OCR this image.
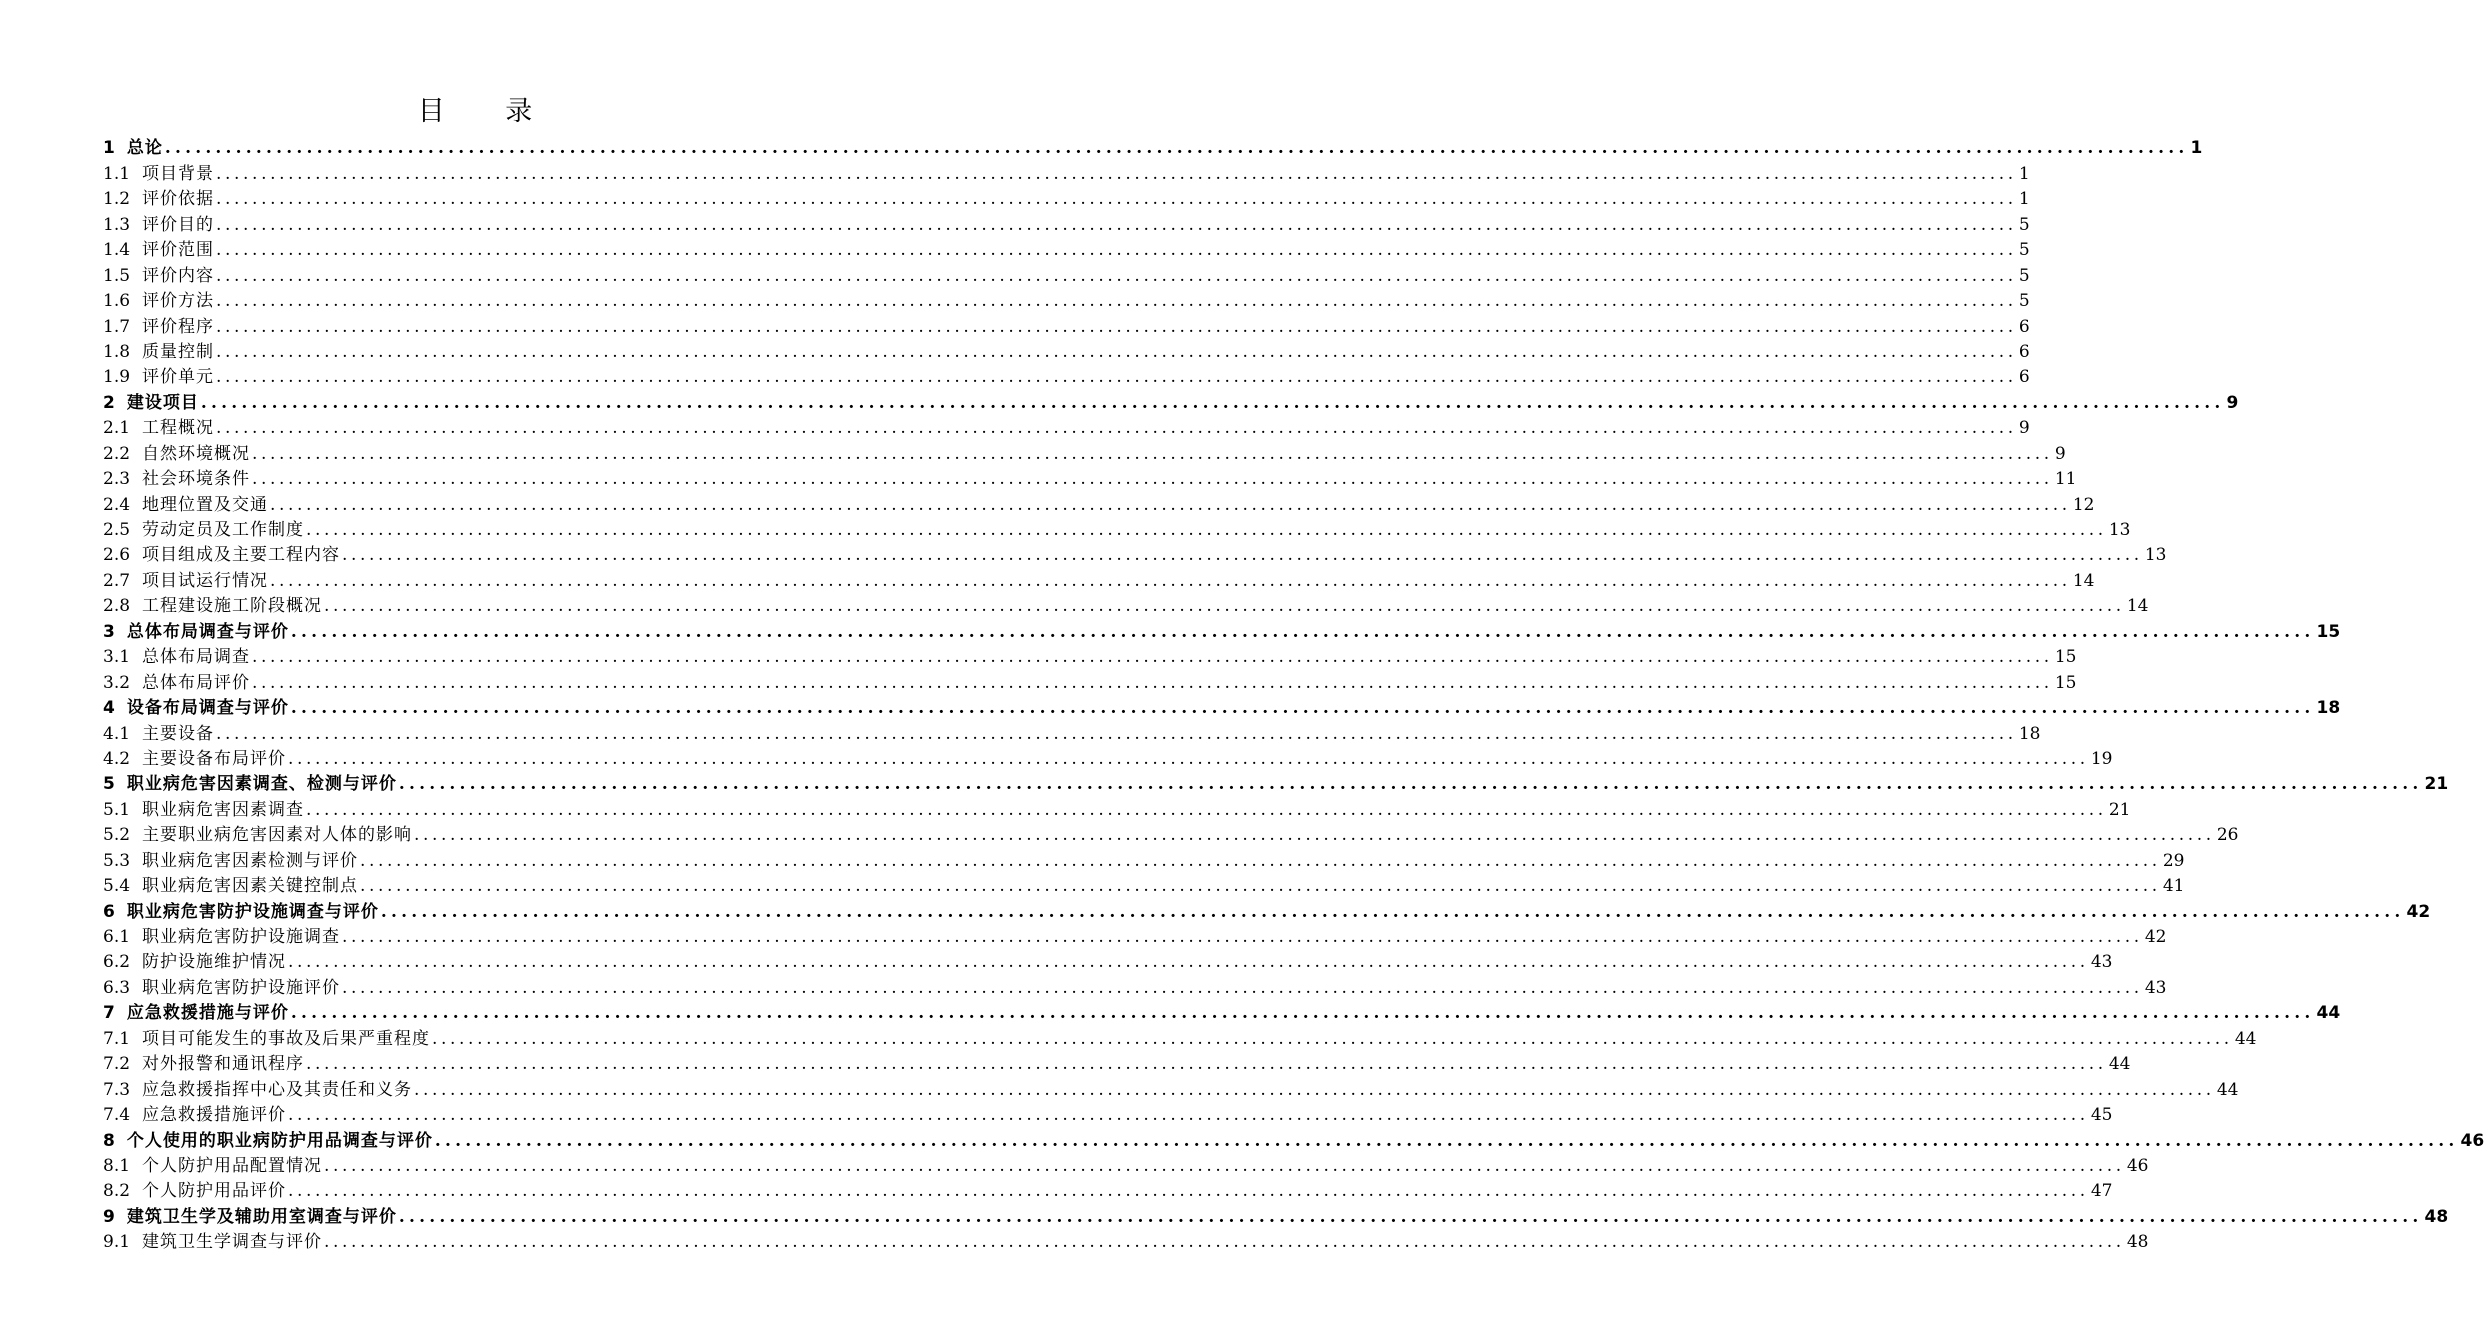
目 录
1 总论 ........................................................................................................................................................................................................ 1
1.1 项目背景 ........................................................................................................................................................................................................ 1
1.2 评价依据 ........................................................................................................................................................................................................ 1
1.3 评价目的 ........................................................................................................................................................................................................ 5
1.4 评价范围 ........................................................................................................................................................................................................ 5
1.5 评价内容 ........................................................................................................................................................................................................ 5
1.6 评价方法 ........................................................................................................................................................................................................ 5
1.7 评价程序 ........................................................................................................................................................................................................ 6
1.8 质量控制 ........................................................................................................................................................................................................ 6
1.9 评价单元 ........................................................................................................................................................................................................ 6
2 建设项目 ........................................................................................................................................................................................................ 9
2.1 工程概况 ........................................................................................................................................................................................................ 9
2.2 自然环境概况 ........................................................................................................................................................................................................ 9
2.3 社会环境条件 ........................................................................................................................................................................................................ 11
2.4 地理位置及交通 ........................................................................................................................................................................................................ 12
2.5 劳动定员及工作制度 ........................................................................................................................................................................................................ 13
2.6 项目组成及主要工程内容 ........................................................................................................................................................................................................ 13
2.7 项目试运行情况 ........................................................................................................................................................................................................ 14
2.8 工程建设施工阶段概况 ........................................................................................................................................................................................................ 14
3 总体布局调查与评价 ........................................................................................................................................................................................................ 15
3.1 总体布局调查 ........................................................................................................................................................................................................ 15
3.2 总体布局评价 ........................................................................................................................................................................................................ 15
4 设备布局调查与评价 ........................................................................................................................................................................................................ 18
4.1 主要设备 ........................................................................................................................................................................................................ 18
4.2 主要设备布局评价 ........................................................................................................................................................................................................ 19
5 职业病危害因素调查、检测与评价 ........................................................................................................................................................................................................ 21
5.1 职业病危害因素调查 ........................................................................................................................................................................................................ 21
5.2 主要职业病危害因素对人体的影响 ........................................................................................................................................................................................................ 26
5.3 职业病危害因素检测与评价 ........................................................................................................................................................................................................ 29
5.4 职业病危害因素关键控制点 ........................................................................................................................................................................................................ 41
6 职业病危害防护设施调查与评价 ........................................................................................................................................................................................................ 42
6.1 职业病危害防护设施调查 ........................................................................................................................................................................................................ 42
6.2 防护设施维护情况 ........................................................................................................................................................................................................ 43
6.3 职业病危害防护设施评价 ........................................................................................................................................................................................................ 43
7 应急救援措施与评价 ........................................................................................................................................................................................................ 44
7.1 项目可能发生的事故及后果严重程度 ........................................................................................................................................................................................................ 44
7.2 对外报警和通讯程序 ........................................................................................................................................................................................................ 44
7.3 应急救援指挥中心及其责任和义务 ........................................................................................................................................................................................................ 44
7.4 应急救援措施评价 ........................................................................................................................................................................................................ 45
8 个人使用的职业病防护用品调查与评价 ........................................................................................................................................................................................................ 46
8.1 个人防护用品配置情况 ........................................................................................................................................................................................................ 46
8.2 个人防护用品评价 ........................................................................................................................................................................................................ 47
9 建筑卫生学及辅助用室调查与评价 ........................................................................................................................................................................................................ 48
9.1 建筑卫生学调查与评价 ........................................................................................................................................................................................................ 48
